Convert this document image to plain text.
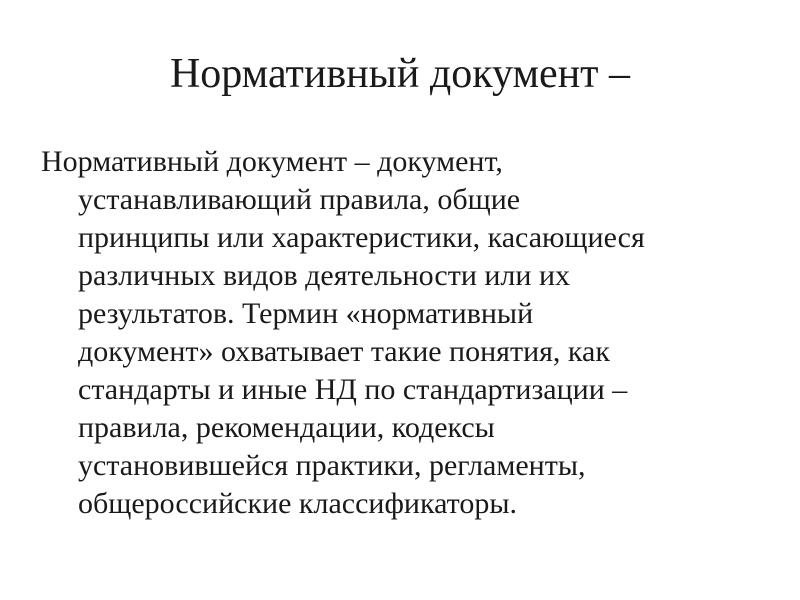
Нормативный документ –
Нормативный документ – документ,
устанавливающий правила, общие
принципы или характеристики, касающиеся
различных видов деятельности или их
результатов. Термин «нормативный
документ» охватывает такие понятия, как
стандарты и иные НД по стандартизации –
правила, рекомендации, кодексы
установившейся практики, регламенты,
общероссийские классификаторы.
